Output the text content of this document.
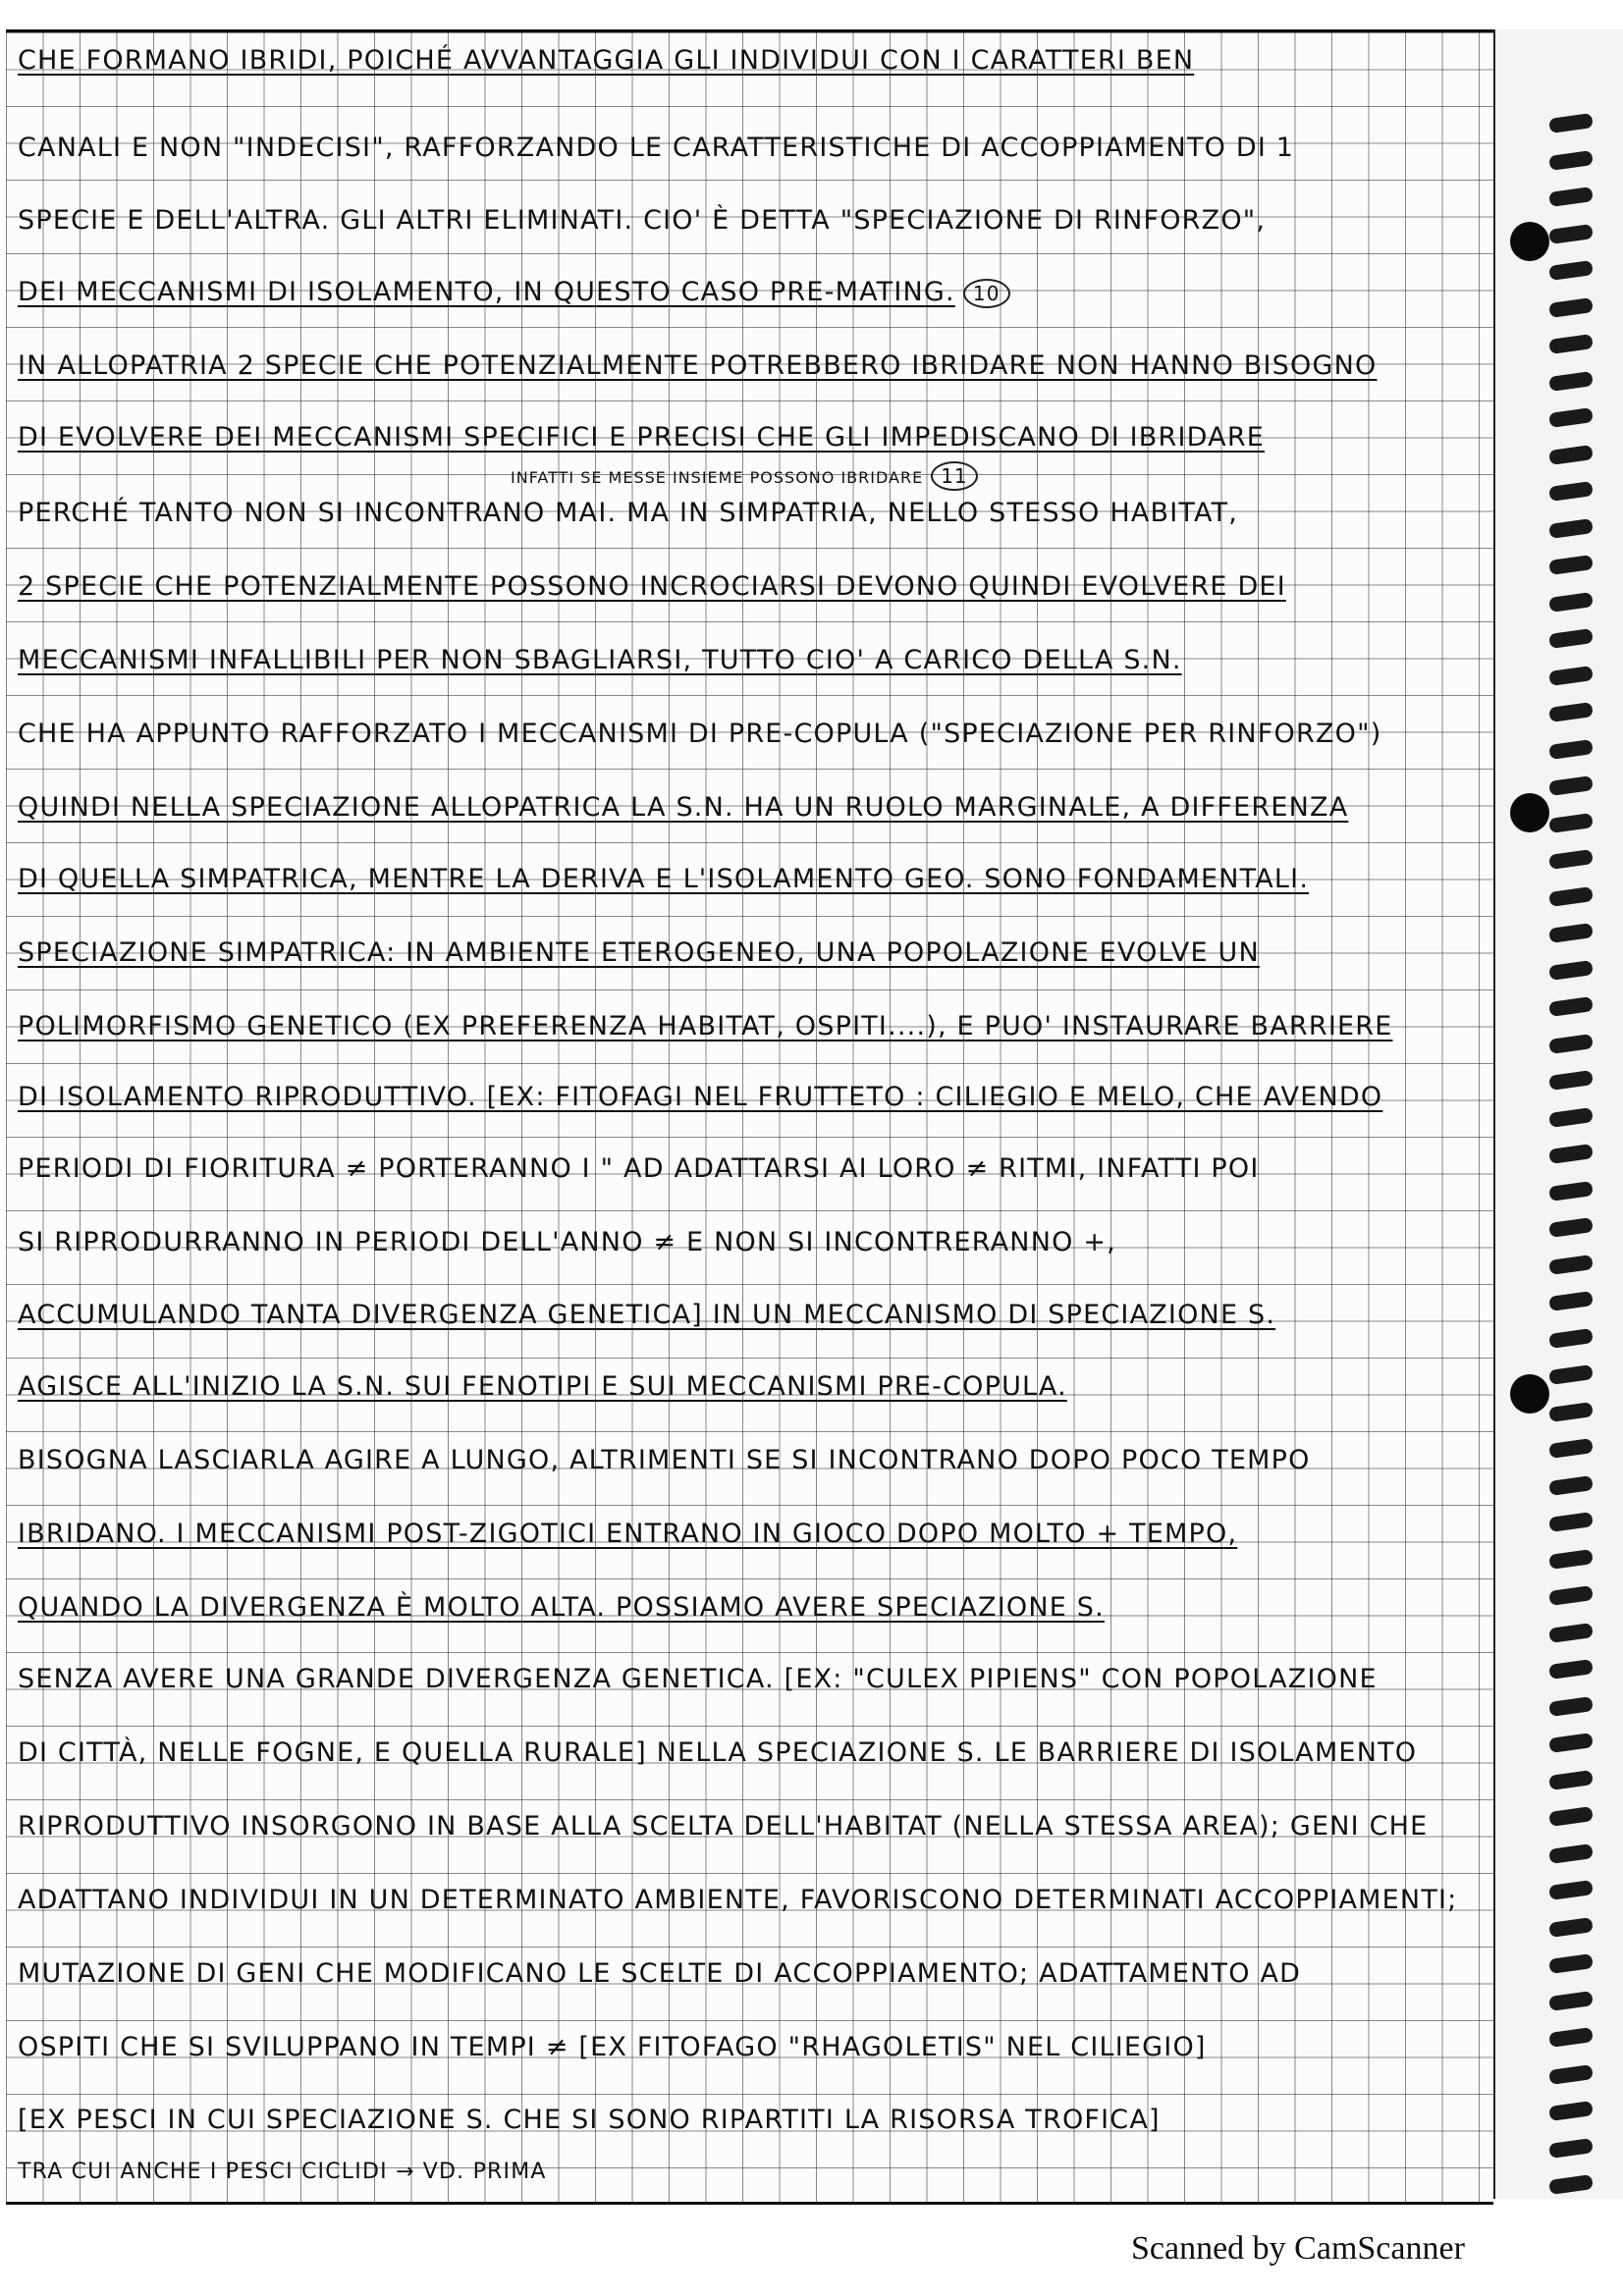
CHE FORMANO IBRIDI, POICHÉ AVVANTAGGIA GLI INDIVIDUI CON I CARATTERI BEN
CANALI E NON "INDECISI", RAFFORZANDO LE CARATTERISTICHE DI ACCOPPIAMENTO DI 1
SPECIE E DELL'ALTRA. GLI ALTRI ELIMINATI. CIO' È DETTA "SPECIAZIONE DI RINFORZO",
DEI MECCANISMI DI ISOLAMENTO, IN QUESTO CASO PRE-MATING. 10
IN ALLOPATRIA 2 SPECIE CHE POTENZIALMENTE POTREBBERO IBRIDARE NON HANNO BISOGNO
DI EVOLVERE DEI MECCANISMI SPECIFICI E PRECISI CHE GLI IMPEDISCANO DI IBRIDARE
INFATTI SE MESSE INSIEME POSSONO IBRIDARE 11
PERCHÉ TANTO NON SI INCONTRANO MAI. MA IN SIMPATRIA, NELLO STESSO HABITAT,
2 SPECIE CHE POTENZIALMENTE POSSONO INCROCIARSI DEVONO QUINDI EVOLVERE DEI
MECCANISMI INFALLIBILI PER NON SBAGLIARSI, TUTTO CIO' A CARICO DELLA S.N.
CHE HA APPUNTO RAFFORZATO I MECCANISMI DI PRE-COPULA ("SPECIAZIONE PER RINFORZO")
QUINDI NELLA SPECIAZIONE ALLOPATRICA LA S.N. HA UN RUOLO MARGINALE, A DIFFERENZA
DI QUELLA SIMPATRICA, MENTRE LA DERIVA E L'ISOLAMENTO GEO. SONO FONDAMENTALI.
SPECIAZIONE SIMPATRICA: IN AMBIENTE ETEROGENEO, UNA POPOLAZIONE EVOLVE UN
POLIMORFISMO GENETICO (EX PREFERENZA HABITAT, OSPITI....), E PUO' INSTAURARE BARRIERE
DI ISOLAMENTO RIPRODUTTIVO. [EX: FITOFAGI NEL FRUTTETO : CILIEGIO E MELO, CHE AVENDO
PERIODI DI FIORITURA ≠ PORTERANNO I " AD ADATTARSI AI LORO ≠ RITMI, INFATTI POI
SI RIPRODURRANNO IN PERIODI DELL'ANNO ≠ E NON SI INCONTRERANNO +,
ACCUMULANDO TANTA DIVERGENZA GENETICA] IN UN MECCANISMO DI SPECIAZIONE S.
AGISCE ALL'INIZIO LA S.N. SUI FENOTIPI E SUI MECCANISMI PRE-COPULA.
BISOGNA LASCIARLA AGIRE A LUNGO, ALTRIMENTI SE SI INCONTRANO DOPO POCO TEMPO
IBRIDANO. I MECCANISMI POST-ZIGOTICI ENTRANO IN GIOCO DOPO MOLTO + TEMPO,
QUANDO LA DIVERGENZA È MOLTO ALTA. POSSIAMO AVERE SPECIAZIONE S.
SENZA AVERE UNA GRANDE DIVERGENZA GENETICA. [EX: "CULEX PIPIENS" CON POPOLAZIONE
DI CITTÀ, NELLE FOGNE, E QUELLA RURALE] NELLA SPECIAZIONE S. LE BARRIERE DI ISOLAMENTO
RIPRODUTTIVO INSORGONO IN BASE ALLA SCELTA DELL'HABITAT (NELLA STESSA AREA); GENI CHE
ADATTANO INDIVIDUI IN UN DETERMINATO AMBIENTE, FAVORISCONO DETERMINATI ACCOPPIAMENTI;
MUTAZIONE DI GENI CHE MODIFICANO LE SCELTE DI ACCOPPIAMENTO; ADATTAMENTO AD
OSPITI CHE SI SVILUPPANO IN TEMPI ≠ [EX FITOFAGO "RHAGOLETIS" NEL CILIEGIO]
[EX PESCI IN CUI SPECIAZIONE S. CHE SI SONO RIPARTITI LA RISORSA TROFICA]
TRA CUI ANCHE I PESCI CICLIDI → VD. PRIMA
Scanned by CamScanner
